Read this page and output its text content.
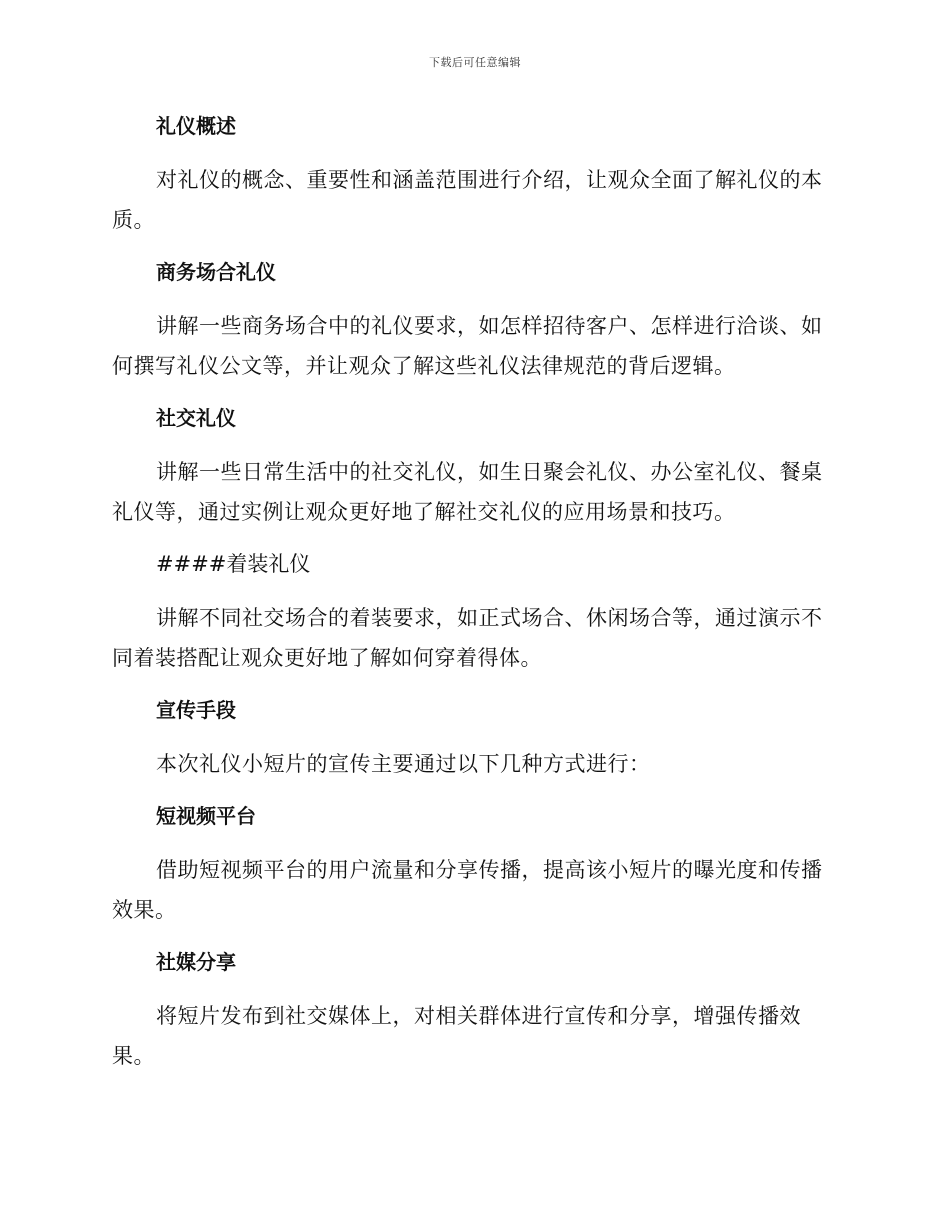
下载后可任意编辑
礼仪概述

对礼仪的概念、重要性和涵盖范围进行介绍，让观众全面了解礼仪的本
质。

商务场合礼仪

讲解一些商务场合中的礼仪要求，如怎样招待客户、怎样进行洽谈、如
何撰写礼仪公文等，并让观众了解这些礼仪法律规范的背后逻辑。

社交礼仪

讲解一些日常生活中的社交礼仪，如生日聚会礼仪、办公室礼仪、餐桌
礼仪等，通过实例让观众更好地了解社交礼仪的应用场景和技巧。

####着装礼仪

讲解不同社交场合的着装要求，如正式场合、休闲场合等，通过演示不
同着装搭配让观众更好地了解如何穿着得体。

宣传手段

本次礼仪小短片的宣传主要通过以下几种方式进行：

短视频平台

借助短视频平台的用户流量和分享传播，提高该小短片的曝光度和传播
效果。

社媒分享

将短片发布到社交媒体上，对相关群体进行宣传和分享，增强传播效
果。
